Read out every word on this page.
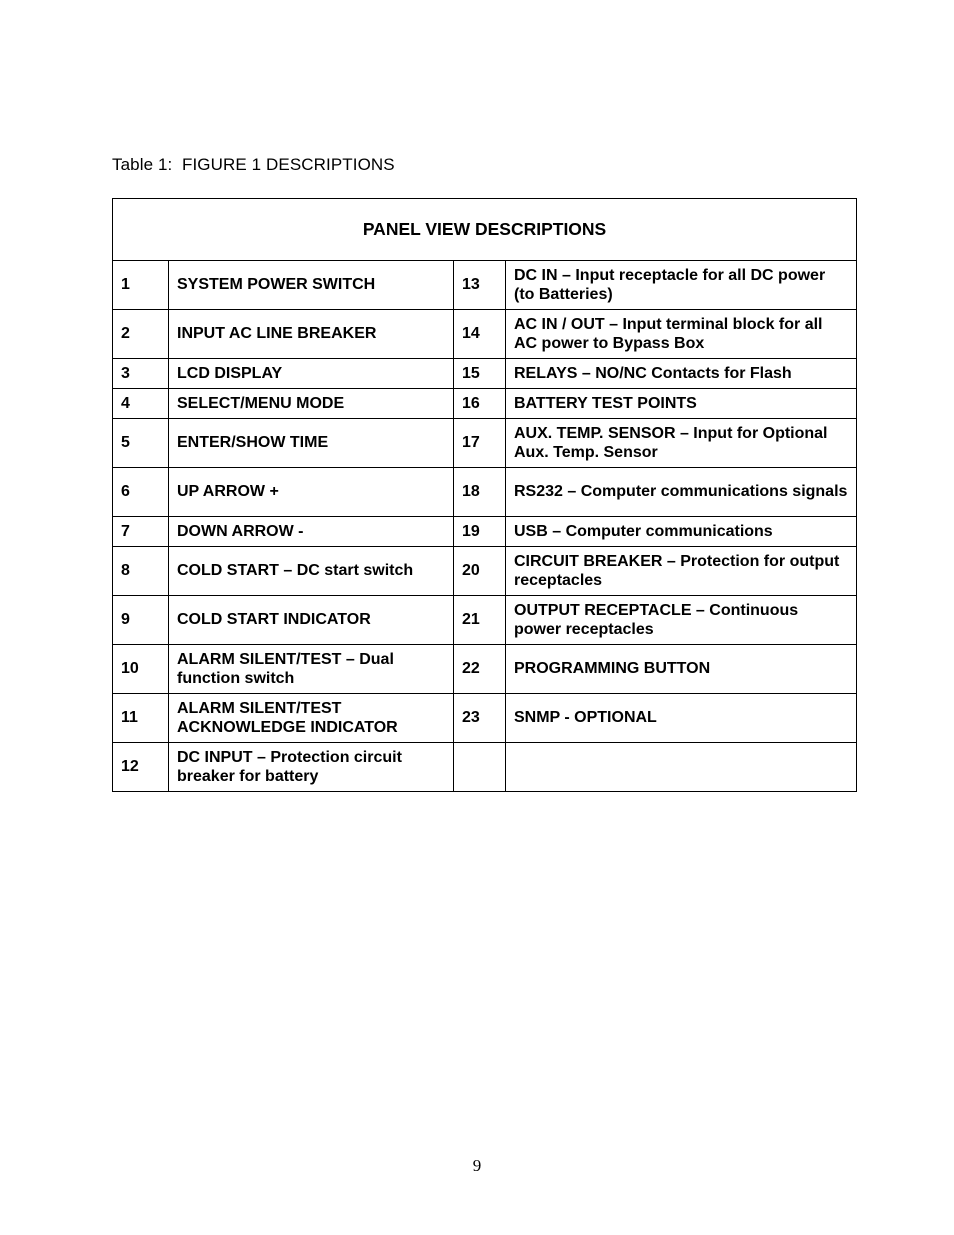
Table 1:  FIGURE 1 DESCRIPTIONS
PANEL VIEW DESCRIPTIONS			
1	SYSTEM POWER SWITCH	13	DC IN – Input receptacle for all DC power (to Batteries)
2	INPUT AC LINE BREAKER	14	AC IN / OUT – Input terminal block for all AC power to Bypass Box
3	LCD DISPLAY	15	RELAYS – NO/NC Contacts for Flash
4	SELECT/MENU MODE	16	BATTERY TEST POINTS
5	ENTER/SHOW TIME	17	AUX. TEMP. SENSOR – Input for Optional Aux. Temp. Sensor
6	UP ARROW +	18	RS232 – Computer communications signals
7	DOWN ARROW -	19	USB – Computer communications
8	COLD START – DC start switch	20	CIRCUIT BREAKER – Protection for output receptacles
9	COLD START INDICATOR	21	OUTPUT RECEPTACLE – Continuous power receptacles
10	ALARM SILENT/TEST – Dual function switch	22	PROGRAMMING BUTTON
11	ALARM SILENT/TEST ACKNOWLEDGE INDICATOR	23	SNMP - OPTIONAL
12	DC INPUT – Protection circuit breaker for battery		
9
